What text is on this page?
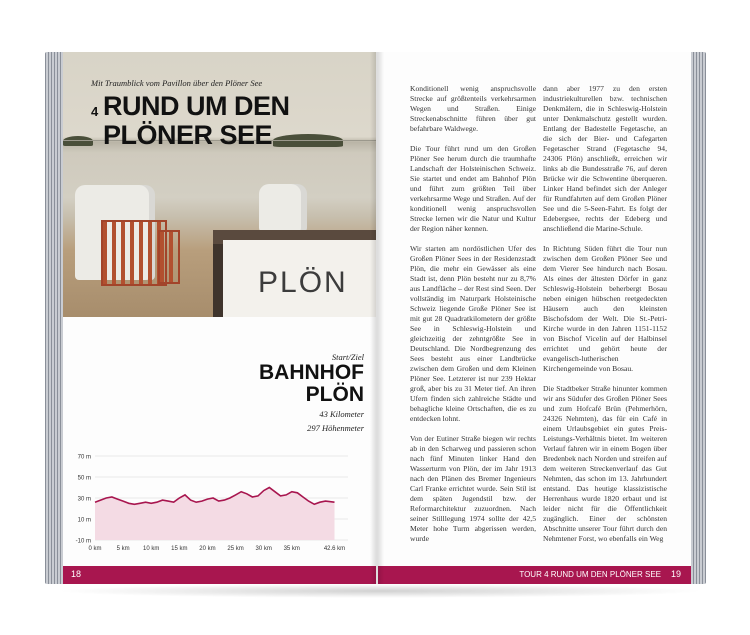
PLÖN
Mit Traumblick vom Pavillon über den Plöner See
4 RUND UM DEN
PLÖNER SEE
Start/Ziel
BAHNHOF
PLÖN
43 Kilometer
297 Höhenmeter
70 m
50 m
30 m
10 m
-10 m
0 km	5 km 10 km 15 km 20 km 25 km 30 km 35 km	42.6 km
18

Konditionell wenig anspruchsvolle Strecke auf größtenteils verkehrsarmen Wegen und Straßen. Einige Streckenabschnitte führen über gut befahrbare Waldwege.

Die Tour führt rund um den Großen Plöner See herum durch die traumhafte Landschaft der Holsteinischen Schweiz. Sie startet und endet am Bahnhof Plön und führt zum größten Teil über verkehrsarme Wege und Straßen. Auf der konditionell wenig anspruchsvollen Strecke lernen wir die Natur und Kultur der Region näher kennen.

Wir starten am nordöstlichen Ufer des Großen Plöner Sees in der Residenzstadt Plön, die mehr ein Gewässer als eine Stadt ist, denn Plön besteht nur zu 8,7% aus Landfläche – der Rest sind Seen. Der vollständig im Naturpark Holsteinische Schweiz liegende Große Plöner See ist mit gut 28 Quadratkilometern der größte See in Schleswig-Holstein und gleichzeitig der zehntgrößte See in Deutschland. Die Nordbegrenzung des Sees besteht aus einer Landbrücke zwischen dem Großen und dem Kleinen Plöner See. Letzterer ist nur 239 Hektar groß, aber bis zu 31 Meter tief. An ihren Ufern finden sich zahlreiche Städte und behagliche kleine Ortschaften, die es zu entdecken lohnt.

Von der Eutiner Straße biegen wir rechts ab in den Scharweg und passieren schon nach fünf Minuten linker Hand den Wasserturm von Plön, der im Jahr 1913 nach den Plänen des Bremer Ingenieurs Carl Franke errichtet wurde. Sein Stil ist dem späten Jugendstil bzw. der Reformarchitektur zuzuordnen. Nach seiner Stilllegung 1974 sollte der 42,5 Meter hohe Turm abgerissen werden, wurde

dann aber 1977 zu den ersten industriekulturellen bzw. technischen Denkmälern, die in Schleswig-Holstein unter Denkmalschutz gestellt wurden. Entlang der Badestelle Fegetasche, an die sich der Bier- und Cafegarten Fegetascher Strand (Fegetasche 94, 24306 Plön) anschließt, erreichen wir links ab die Bundesstraße 76, auf deren Brücke wir die Schwentine überqueren. Linker Hand befindet sich der Anleger für Rundfahrten auf dem Großen Plöner See und die 5-Seen-Fahrt. Es folgt der Edebergsee, rechts der Edeberg und anschließend die Marine-Schule.

In Richtung Süden führt die Tour nun zwischen dem Großen Plöner See und dem Vierer See hindurch nach Bosau. Als eines der ältesten Dörfer in ganz Schleswig-Holstein beherbergt Bosau neben einigen hübschen reetgedeckten Häusern auch den kleinsten Bischofsdom der Welt. Die St.-Petri-Kirche wurde in den Jahren 1151-1152 von Bischof Vicelin auf der Halbinsel errichtet und gehört heute der evangelisch-lutherischen Kirchengemeinde von Bosau.

Die Stadtbeker Straße hinunter kommen wir ans Südufer des Großen Plöner Sees und zum Hofcafé Brün (Pehmerhörn, 24326 Nehmten), das für ein Café in einem Urlaubsgebiet ein gutes Preis-Leistungs-Verhältnis bietet. Im weiteren Verlauf fahren wir in einem Bogen über Bredenbek nach Norden und streifen auf dem weiteren Streckenverlauf das Gut Nehmten, das schon im 13. Jahrhundert entstand. Das heutige klassizistische Herrenhaus wurde 1820 erbaut und ist leider nicht für die Öffentlichkeit zugänglich. Einer der schönsten Abschnitte unserer Tour führt durch den Nehmtener Forst, wo ebenfalls ein Weg

TOUR 4 RUND UM DEN PLÖNER SEE 19
